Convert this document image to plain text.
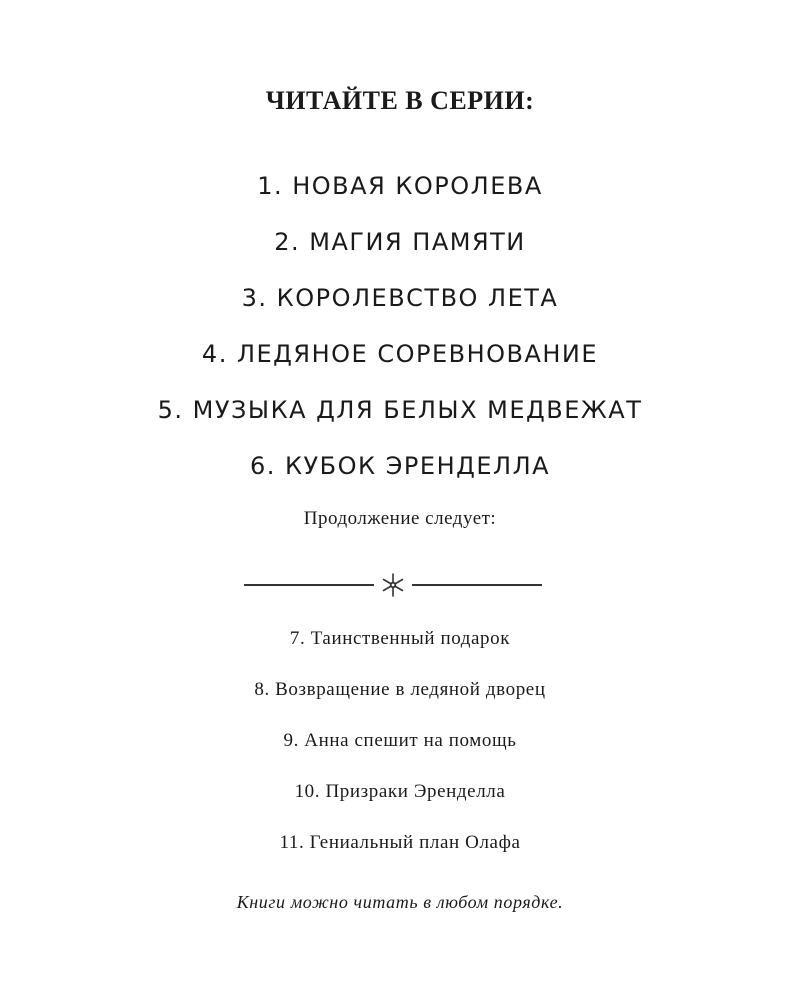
ЧИТАЙТЕ В СЕРИИ:
1. НОВАЯ КОРОЛЕВА
2. МАГИЯ ПАМЯТИ
3. КОРОЛЕВСТВО ЛЕТА
4. ЛЕДЯНОЕ СОРЕВНОВАНИЕ
5. МУЗЫКА ДЛЯ БЕЛЫХ МЕДВЕЖАТ
6. КУБОК ЭРЕНДЕЛЛА
Продолжение следует:
7. Таинственный подарок
8. Возвращение в ледяной дворец
9. Анна спешит на помощь
10. Призраки Эренделла
11. Гениальный план Олафа
Книги можно читать в любом порядке.
